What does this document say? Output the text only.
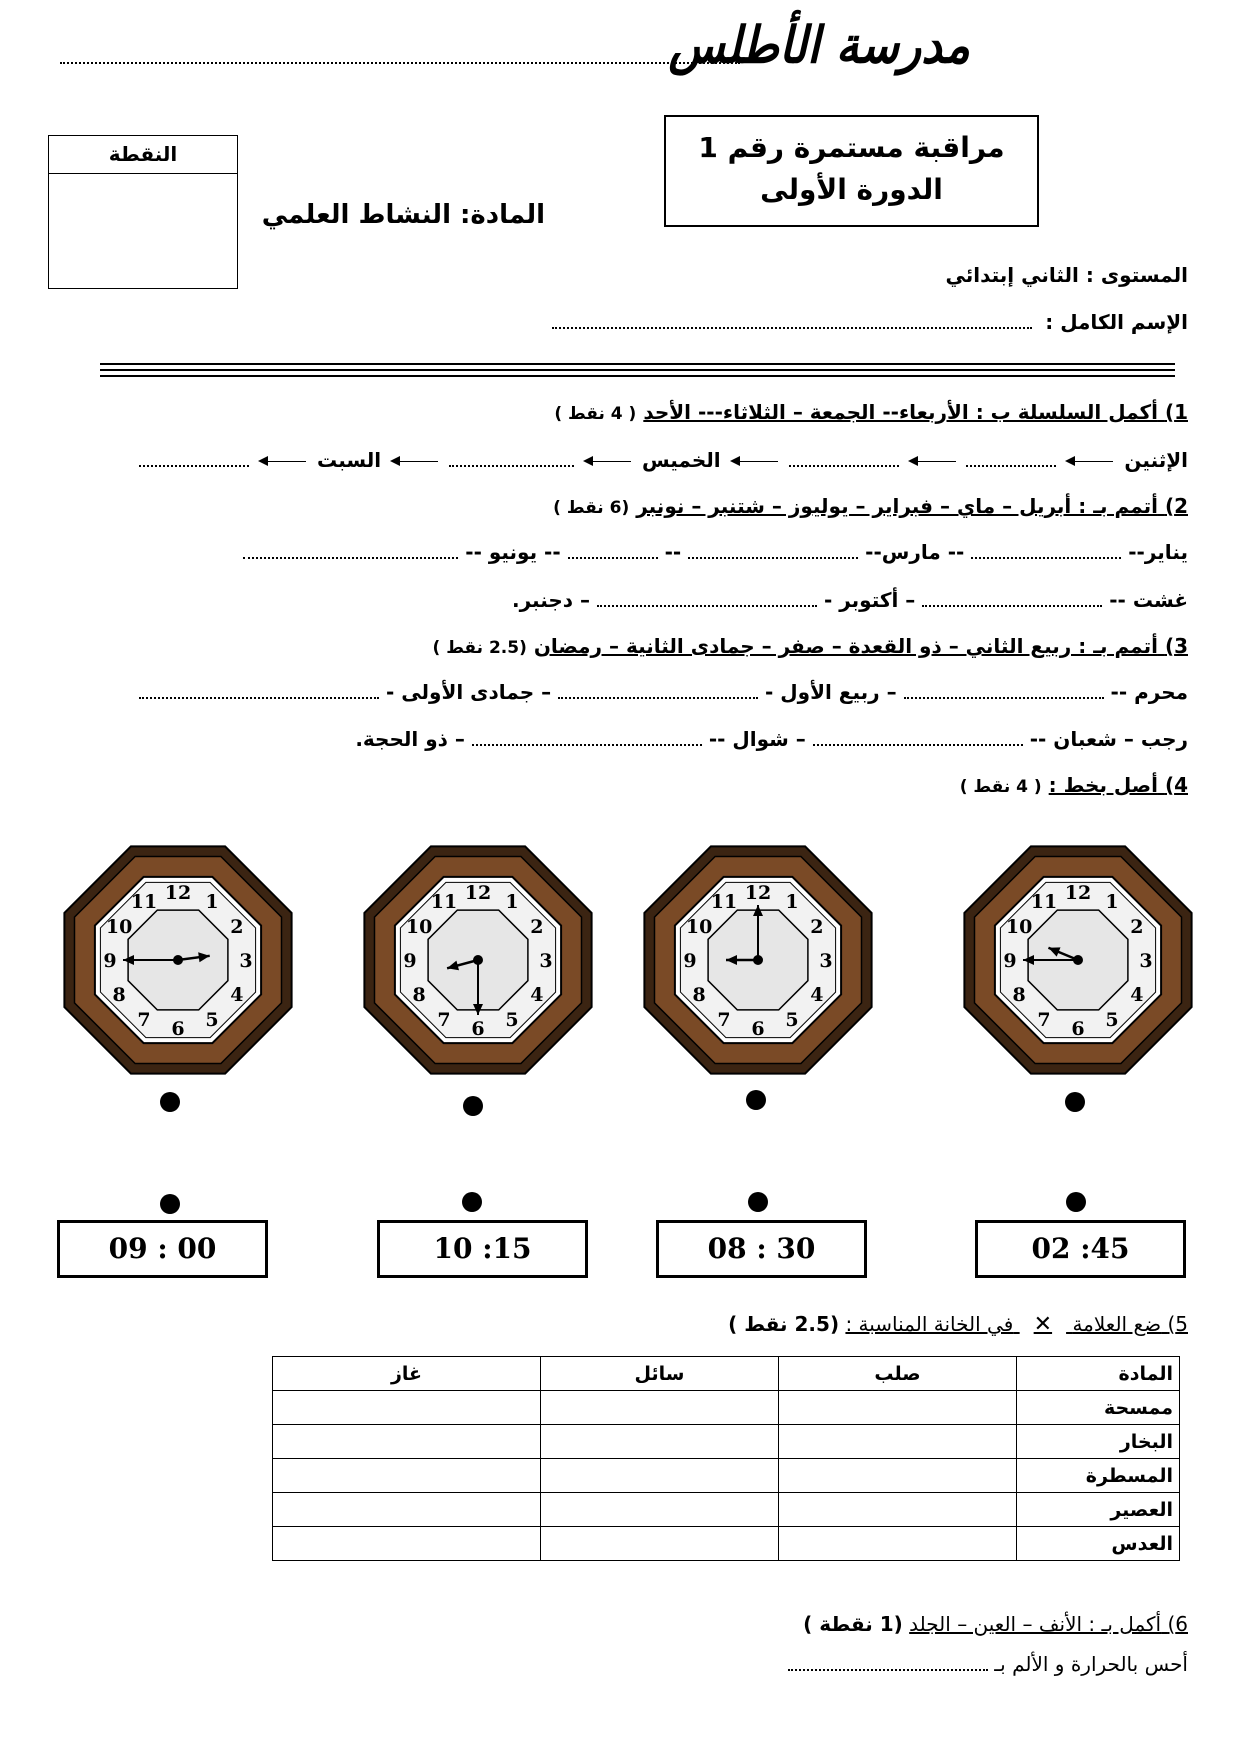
مدرسة الأطلس
مراقبة مستمرة رقم 1
الدورة الأولى
النقطة
المادة: النشاط العلمي
المستوى : الثاني إبتدائي
الإسم الكامل :
1) أكمل السلسلة ب : الأربعاء-- الجمعة – الثلاثاء--- الأحد ( 4 نقط )
الإثنين      الخميس    السبت
2) أتمم بـ : أبريل – ماي – فبراير – يوليوز – شتنبر – نونبر (6 نقط )
يناير--  -- مارس--  --  -- يونيو --
غشت --  – أكتوبر -  – دجنبر.
3) أتمم بـ : ربيع الثاني – ذو القعدة – صفر – جمادى الثانية – رمضان (2.5 نقط )
محرم --  – ربيع الأول -  – جمادى الأولى -
رجب – شعبان --  – شوال --  – ذو الحجة.
4) أصل بخط : ( 4 نقط )
12 1
2
3
4
5
6
7
8
9
10
11
12 1
2
3
4
5
6
7
8
9
10
11
12 1
2
3
4
5
6
7
8
9
10
11
12 1
2
3
4
5
6
7
8
9
10
11
09 : 00	10 :15	08 : 30	02 :45
5) ضع العلامة ✕ في الخانة المناسبة : (2.5 نقط )
المادة	صلب	سائل	غاز
ممسحة			
البخار			
المسطرة			
العصير			
العدس			
6) أكمل بـ : الأنف – العين – الجلد (1 نقطة )
أحس بالحرارة و الألم بـ
